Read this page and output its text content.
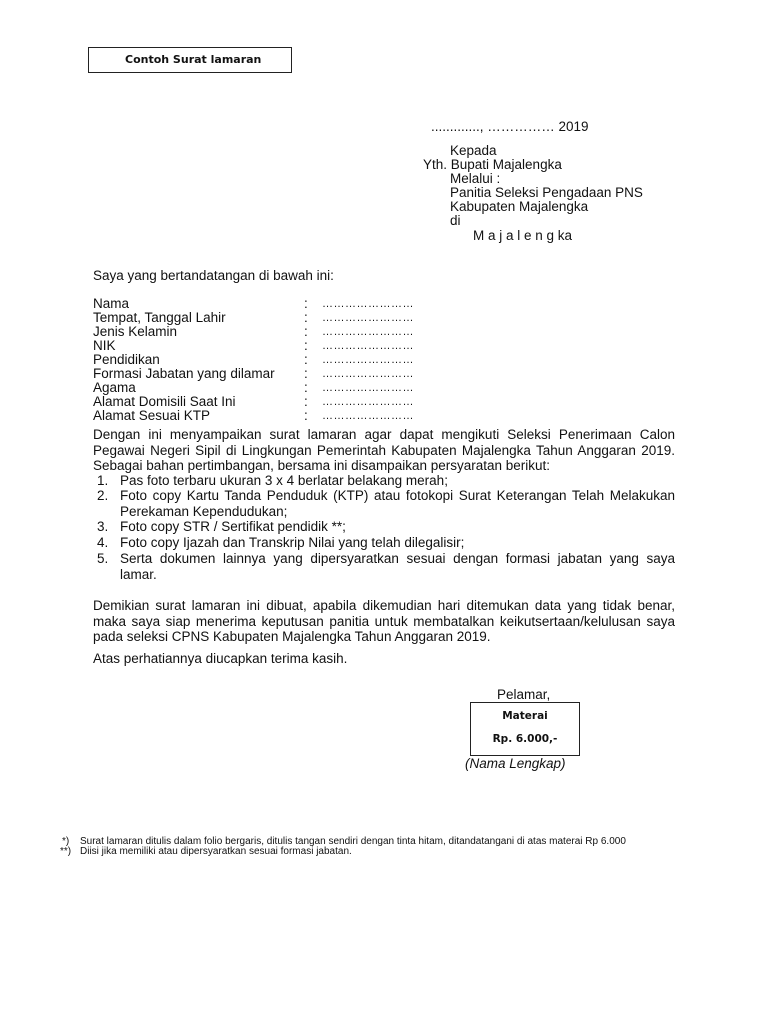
Contoh Surat lamaran
............., …………… 2019
Kepada
Yth. Bupati Majalengka
Melalui :
Panitia Seleksi Pengadaan PNS
Kabupaten Majalengka
di
M a j a l e n g ka
Saya yang bertandatangan di bawah ini:
Nama	: ……………………
Tempat, Tanggal Lahir	: ……………………
Jenis Kelamin	: ……………………
NIK	: ……………………
Pendidikan	: ……………………
Formasi Jabatan yang dilamar : ……………………
Agama	: ……………………
Alamat Domisili Saat Ini	: ……………………
Alamat Sesuai KTP	: ……………………
Dengan ini menyampaikan surat lamaran agar dapat mengikuti Seleksi Penerimaan Calon Pegawai Negeri Sipil di Lingkungan Pemerintah Kabupaten Majalengka Tahun Anggaran 2019. Sebagai bahan pertimbangan, bersama ini disampaikan persyaratan berikut:
1. Pas foto terbaru ukuran 3 x 4 berlatar belakang merah;
2. Foto copy Kartu Tanda Penduduk (KTP) atau fotokopi Surat Keterangan Telah Melakukan Perekaman Kependudukan;
3. Foto copy STR / Sertifikat pendidik **;
4. Foto copy Ijazah dan Transkrip Nilai yang telah dilegalisir;
5. Serta dokumen lainnya yang dipersyaratkan sesuai dengan formasi jabatan yang saya lamar.
Demikian surat lamaran ini dibuat, apabila dikemudian hari ditemukan data yang tidak benar, maka saya siap menerima keputusan panitia untuk membatalkan keikutsertaan/kelulusan saya pada seleksi CPNS Kabupaten Majalengka Tahun Anggaran 2019.
Atas perhatiannya diucapkan terima kasih.
Pelamar,
Materai
Rp. 6.000,-
(Nama Lengkap)
*) Surat lamaran ditulis dalam folio bergaris, ditulis tangan sendiri dengan tinta hitam, ditandatangani di atas materai Rp 6.000
**) Diisi jika memiliki atau dipersyaratkan sesuai formasi jabatan.
